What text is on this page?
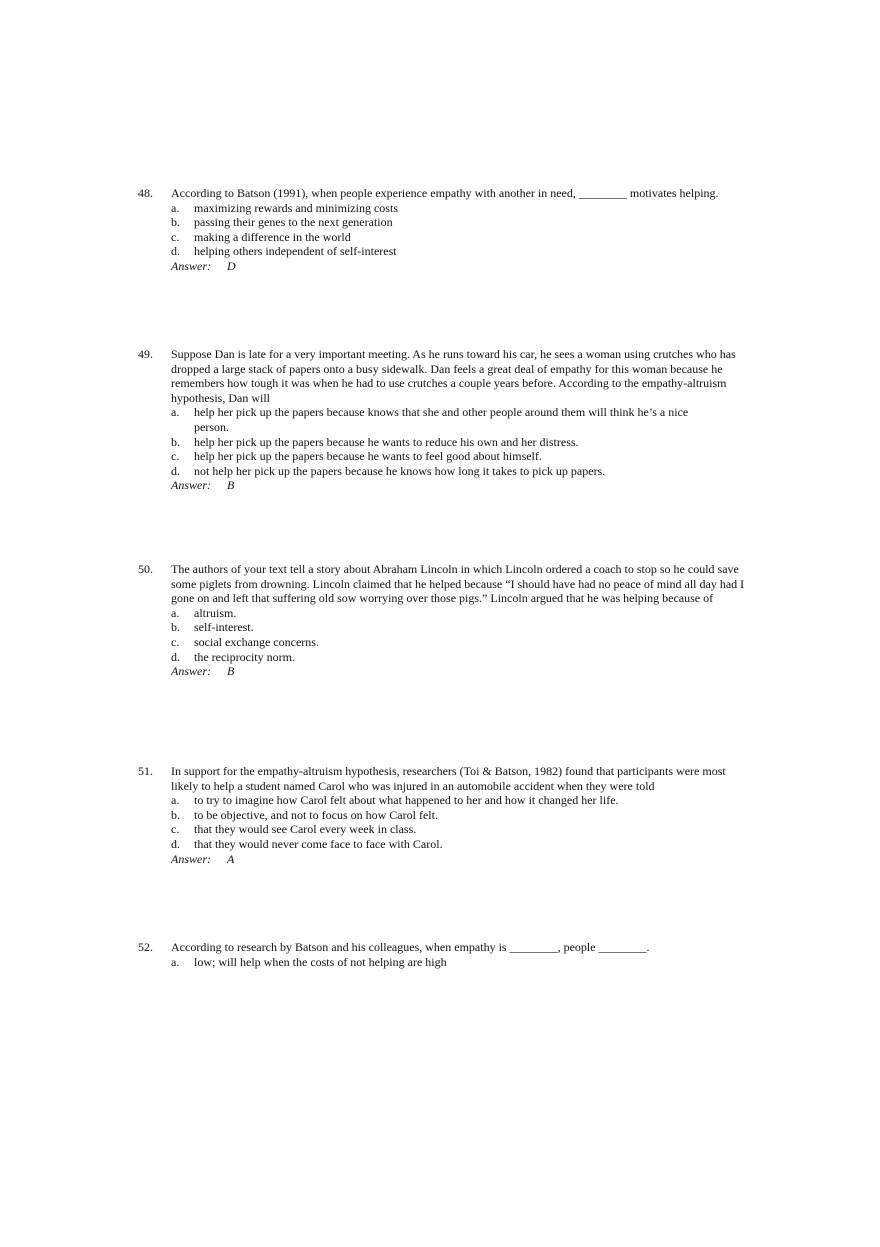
48.	According to Batson (1991), when people experience empathy with another in need, ________ motivates helping.
a.	maximizing rewards and minimizing costs
b.	passing their genes to the next generation
c.	making a difference in the world
d.	helping others independent of self-interest
Answer:	D
49.	Suppose Dan is late for a very important meeting. As he runs toward his car, he sees a woman using crutches who has dropped a large stack of papers onto a busy sidewalk. Dan feels a great deal of empathy for this woman because he remembers how tough it was when he had to use crutches a couple years before. According to the empathy-altruism hypothesis, Dan will
a.	help her pick up the papers because knows that she and other people around them will think he’s a nice person.
b.	help her pick up the papers because he wants to reduce his own and her distress.
c.	help her pick up the papers because he wants to feel good about himself.
d.	not help her pick up the papers because he knows how long it takes to pick up papers.
Answer:	B
50.	The authors of your text tell a story about Abraham Lincoln in which Lincoln ordered a coach to stop so he could save some piglets from drowning. Lincoln claimed that he helped because “I should have had no peace of mind all day had I gone on and left that suffering old sow worrying over those pigs.” Lincoln argued that he was helping because of
a.	altruism.
b.	self-interest.
c.	social exchange concerns.
d.	the reciprocity norm.
Answer:	B
51.	In support for the empathy-altruism hypothesis, researchers (Toi & Batson, 1982) found that participants were most likely to help a student named Carol who was injured in an automobile accident when they were told
a.	to try to imagine how Carol felt about what happened to her and how it changed her life.
b.	to be objective, and not to focus on how Carol felt.
c.	that they would see Carol every week in class.
d.	that they would never come face to face with Carol.
Answer:	A
52.	According to research by Batson and his colleagues, when empathy is ________, people ________.
a.	low; will help when the costs of not helping are high
